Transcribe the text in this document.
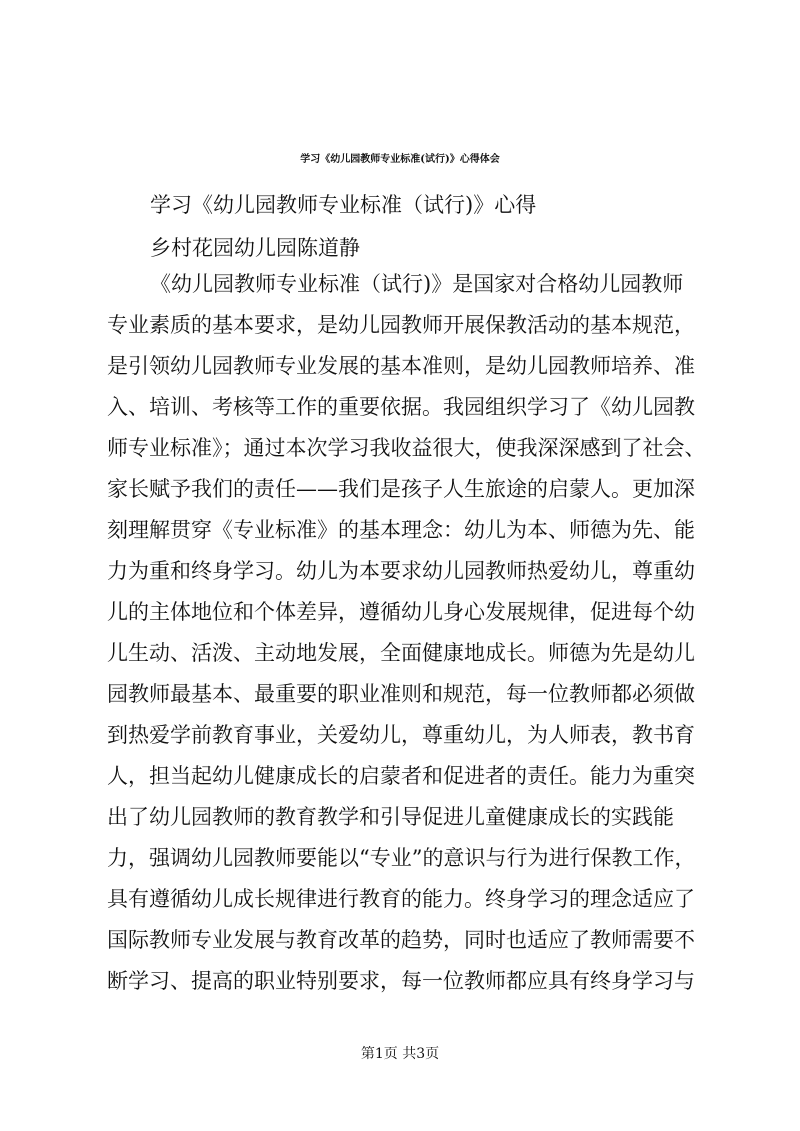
学习《幼儿园教师专业标准(试行)》心得体会
学习《幼儿园教师专业标准（试行)》心得
乡村花园幼儿园陈道静
《幼儿园教师专业标准（试行)》是国家对合格幼儿园教师
专业素质的基本要求，是幼儿园教师开展保教活动的基本规范，
是引领幼儿园教师专业发展的基本准则，是幼儿园教师培养、准
入、培训、考核等工作的重要依据。我园组织学习了《幼儿园教
师专业标准》；通过本次学习我收益很大，使我深深感到了社会、
家长赋予我们的责任——我们是孩子人生旅途的启蒙人。更加深
刻理解贯穿《专业标准》的基本理念：幼儿为本、师德为先、能
力为重和终身学习。幼儿为本要求幼儿园教师热爱幼儿，尊重幼
儿的主体地位和个体差异，遵循幼儿身心发展规律，促进每个幼
儿生动、活泼、主动地发展，全面健康地成长。师德为先是幼儿
园教师最基本、最重要的职业准则和规范，每一位教师都必须做
到热爱学前教育事业，关爱幼儿，尊重幼儿，为人师表，教书育
人，担当起幼儿健康成长的启蒙者和促进者的责任。能力为重突
出了幼儿园教师的教育教学和引导促进儿童健康成长的实践能
力，强调幼儿园教师要能以“专业”的意识与行为进行保教工作，
具有遵循幼儿成长规律进行教育的能力。终身学习的理念适应了
国际教师专业发展与教育改革的趋势，同时也适应了教师需要不
断学习、提高的职业特别要求，每一位教师都应具有终身学习与
第1页 共3页
